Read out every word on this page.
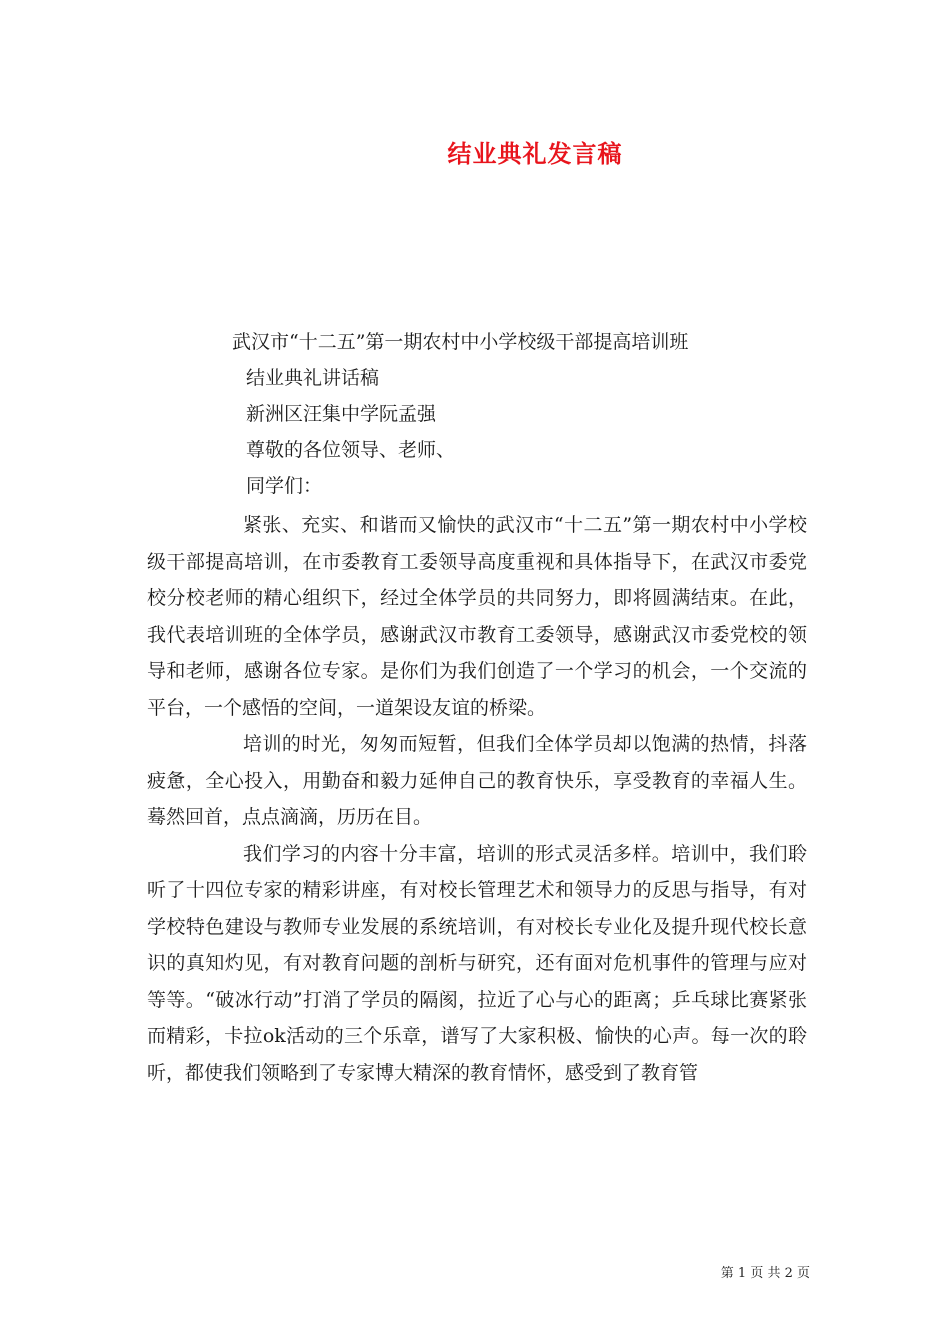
结业典礼发言稿
武汉市“十二五”第一期农村中小学校级干部提高培训班
结业典礼讲话稿
新洲区汪集中学阮孟强
尊敬的各位领导、老师、
同学们：

紧张、充实、和谐而又愉快的武汉市“十二五”第一期农村中小学校级干部提高培训，在市委教育工委领导高度重视和具体指导下，在武汉市委党校分校老师的精心组织下，经过全体学员的共同努力，即将圆满结束。在此，我代表培训班的全体学员，感谢武汉市教育工委领导，感谢武汉市委党校的领导和老师，感谢各位专家。是你们为我们创造了一个学习的机会，一个交流的平台，一个感悟的空间，一道架设友谊的桥梁。

培训的时光，匆匆而短暂，但我们全体学员却以饱满的热情，抖落疲惫，全心投入，用勤奋和毅力延伸自己的教育快乐，享受教育的幸福人生。蓦然回首，点点滴滴，历历在目。

我们学习的内容十分丰富，培训的形式灵活多样。培训中，我们聆听了十四位专家的精彩讲座，有对校长管理艺术和领导力的反思与指导，有对学校特色建设与教师专业发展的系统培训，有对校长专业化及提升现代校长意识的真知灼见，有对教育问题的剖析与研究，还有面对危机事件的管理与应对等等。“破冰行动”打消了学员的隔阂，拉近了心与心的距离；乒乓球比赛紧张而精彩，卡拉ok活动的三个乐章，谱写了大家积极、愉快的心声。每一次的聆听，都使我们领略到了专家博大精深的教育情怀，感受到了教育管

第 1 页 共 2 页
